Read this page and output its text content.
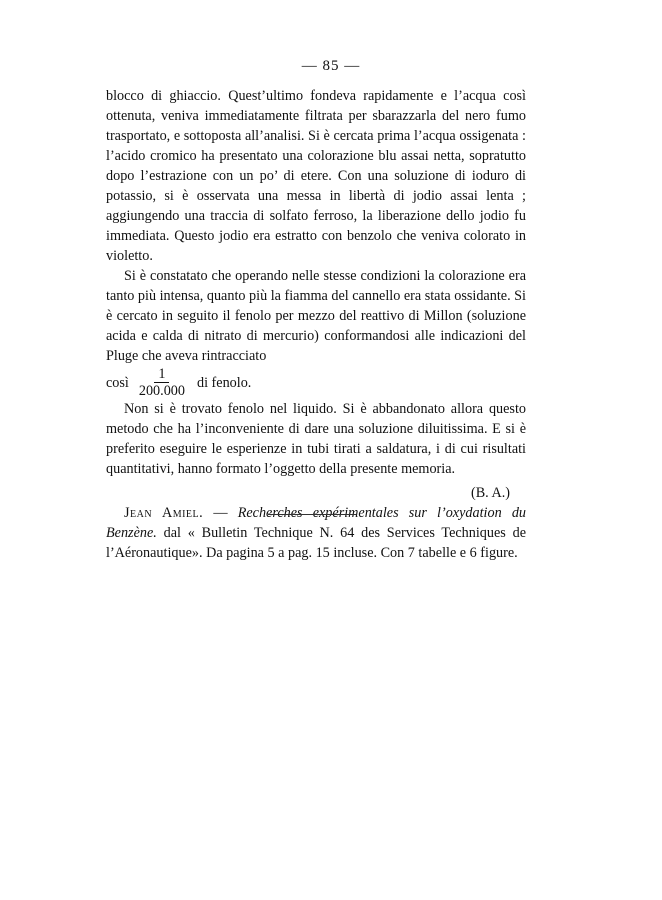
— 85 —

blocco di ghiaccio. Quest’ultimo fondeva rapidamente e l’acqua così ottenuta, veniva immediatamente filtrata per sbarazzarla del nero fumo trasportato, e sottoposta all’analisi. Si è cercata prima l’acqua ossigenata : l’acido cromico ha presentato una colorazione blu assai netta, sopratutto dopo l’estrazione con un po’ di etere. Con una soluzione di ioduro di potassio, si è osservata una messa in libertà di jodio assai lenta ; aggiungendo una traccia di solfato ferroso, la liberazione dello jodio fu immediata. Questo jodio era estratto con benzolo che veniva colorato in violetto.

Si è constatato che operando nelle stesse condizioni la colorazione era tanto più intensa, quanto più la fiamma del cannello era stata ossidante. Si è cercato in seguito il fenolo per mezzo del reattivo di Millon (soluzione acida e calda di nitrato di mercurio) conformandosi alle indicazioni del Pluge che aveva rintracciato

così $\frac{1}{200.000}$ di fenolo.

Non si è trovato fenolo nel liquido. Si è abbandonato allora questo metodo che ha l’inconveniente di dare una soluzione diluitissima. E si è preferito eseguire le esperienze in tubi tirati a saldatura, i di cui risultati quantitativi, hanno formato l’oggetto della presente memoria.

(B. A.)

Jean Amiel. — Recherches expérimentales sur l’oxydation du Benzène. dal « Bulletin Technique N. 64 des Services Techniques de l’Aéronautique». Da pagina 5 a pag. 15 incluse. Con 7 tabelle e 6 figure.
